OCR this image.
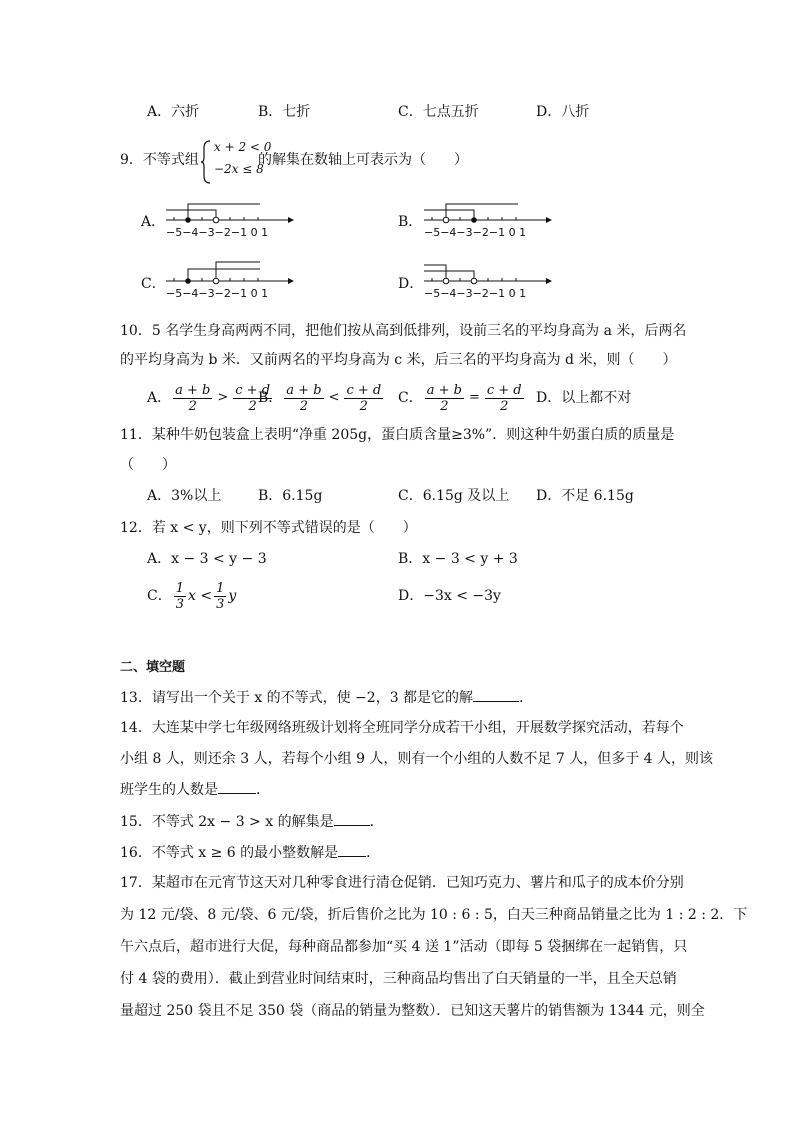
A．六折	B．七折	C．七点五折	D．八折
9．不等式组
x + 2 < 0
−2x ≤ 8
的解集在数轴上可表示为（　　）
A．	B．
C．	D．
−5−4−3−2−1 0 1	−5−4−3−2−1 0 1
−5−4−3−2−1 0 1	−5−4−3−2−1 0 1
10．5 名学生身高两两不同，把他们按从高到低排列，设前三名的平均身高为 a 米，后两名
的平均身高为 b 米．又前两名的平均身高为 c 米，后三名的平均身高为 d 米，则（　　）
A． $\frac{a + b}{2} > \frac{c + d}{2}$
B． $\frac{a + b}{2} < \frac{c + d}{2}$ C． $\frac{a + b}{2} = \frac{c + d}{2}$ D．以上都不对
11．某种牛奶包装盒上表明“净重 205g，蛋白质含量≥3%”．则这种牛奶蛋白质的质量是
（　　）
A．3%以上	B．6.15g	C．6.15g 及以上 D．不足 6.15g
12．若 x < y，则下列不等式错误的是（　　）
A．x − 3 < y − 3	B．x − 3 < y + 3
C． $\frac{1}{3}$ $x < \frac{1}{3}$ y	D．−3x < −3y
二、填空题
13．请写出一个关于 x 的不等式，使 −2，3 都是它的解	．
14．大连某中学七年级网络班级计划将全班同学分成若干小组，开展数学探究活动，若每个
小组 8 人，则还余 3 人，若每个小组 9 人，则有一个小组的人数不足 7 人，但多于 4 人，则该
班学生的人数是	．
15．不等式 2x − 3 > x 的解集是	．
16．不等式 x ≥ 6 的最小整数解是 ．
17．某超市在元宵节这天对几种零食进行清仓促销．已知巧克力、薯片和瓜子的成本价分别
为 12 元/袋、8 元/袋、6 元/袋，折后售价之比为 10 : 6 : 5，白天三种商品销量之比为 1 : 2 : 2．下
午六点后，超市进行大促，每种商品都参加“买 4 送 1”活动（即每 5 袋捆绑在一起销售，只
付 4 袋的费用）．截止到营业时间结束时，三种商品均售出了白天销量的一半，且全天总销
量超过 250 袋且不足 350 袋（商品的销量为整数）．已知这天薯片的销售额为 1344 元，则全
